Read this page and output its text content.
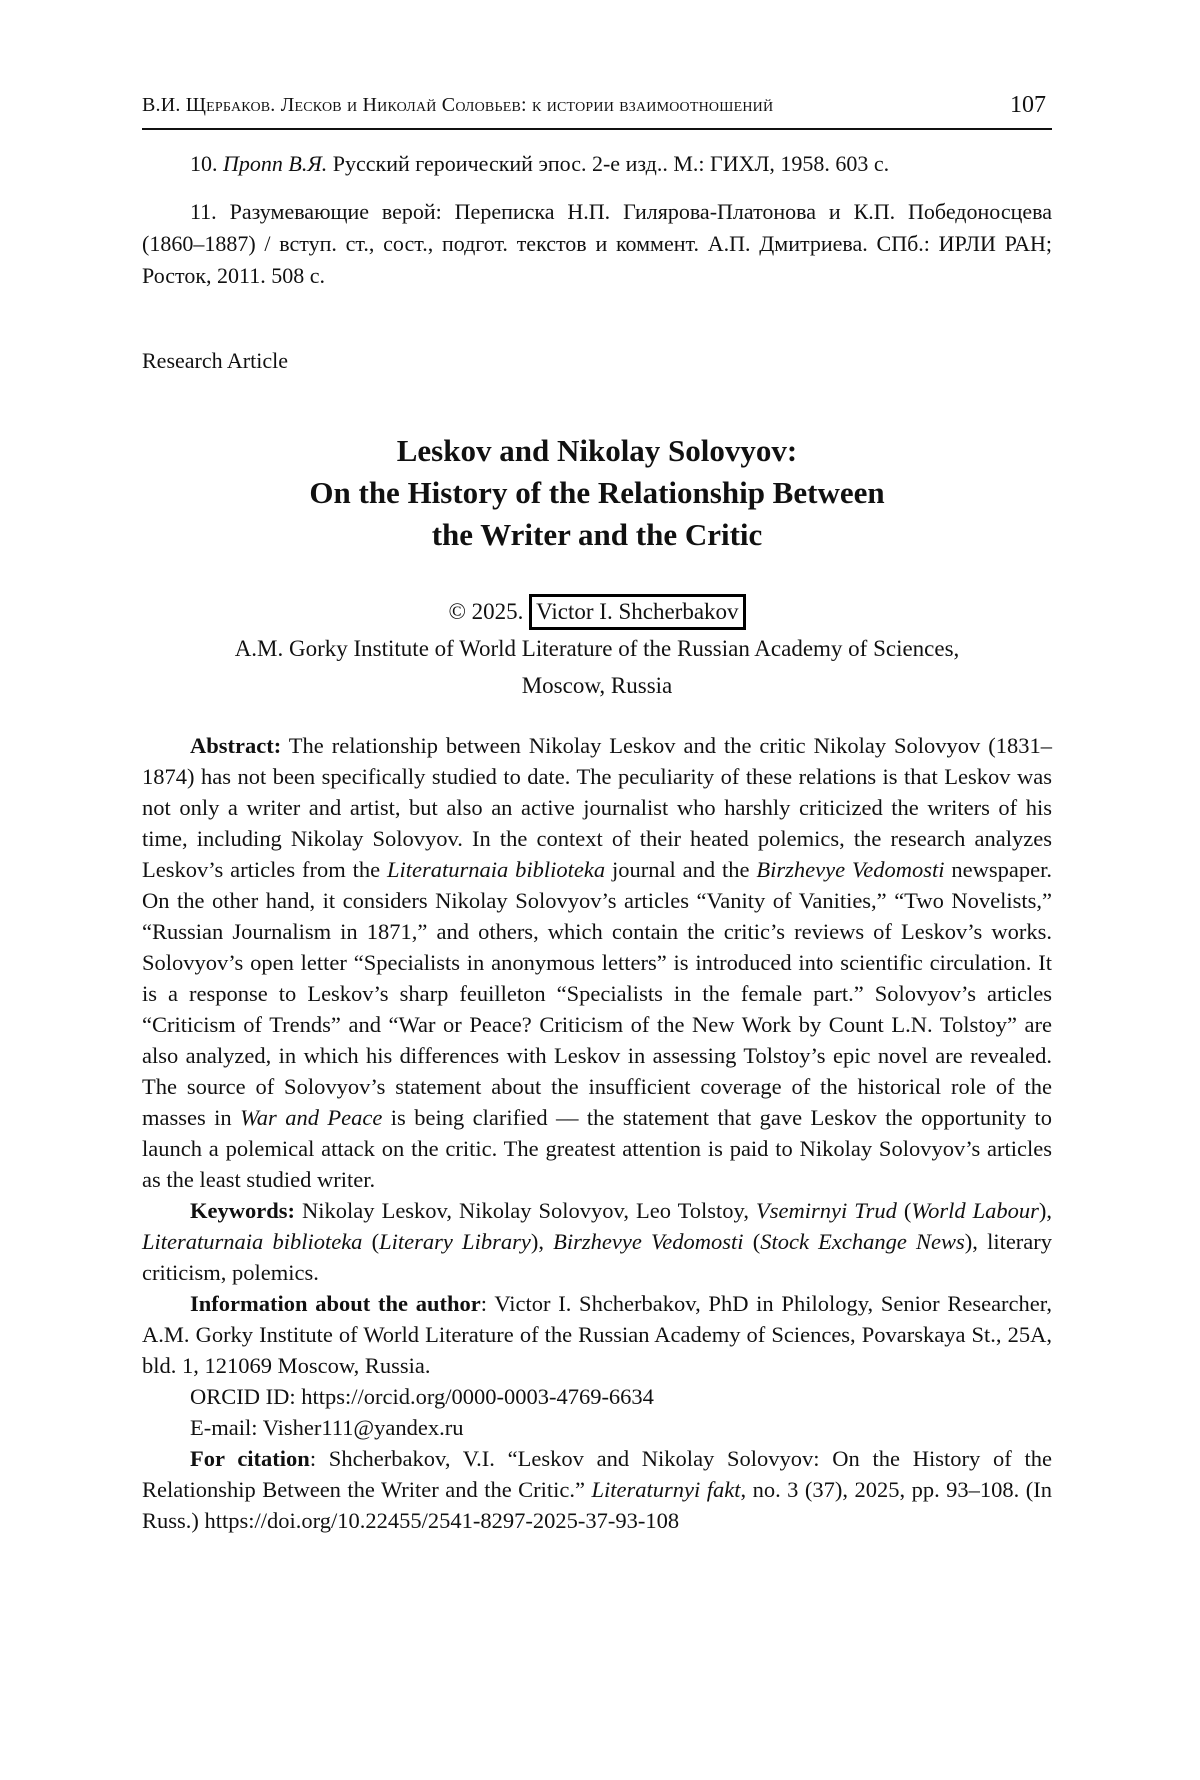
В.И. Щербаков. Лесков и Николай Соловьев: к истории взаимоотношений	107

10. Пропп В.Я. Русский героический эпос. 2-е изд.. М.: ГИХЛ, 1958. 603 с.

11. Разумевающие верой: Переписка Н.П. Гилярова-Платонова и К.П. Победоносцева (1860–1887) / вступ. ст., сост., подгот. текстов и коммент. А.П. Дмитриева. СПб.: ИРЛИ РАН; Росток, 2011. 508 с.

Research Article
Leskov and Nikolay Solovyov:
On the History of the Relationship Between
the Writer and the Critic
© 2025. Victor I. Shcherbakov
A.M. Gorky Institute of World Literature of the Russian Academy of Sciences,
Moscow, Russia

Abstract: The relationship between Nikolay Leskov and the critic Nikolay Solovyov (1831–1874) has not been specifically studied to date. The peculiarity of these relations is that Leskov was not only a writer and artist, but also an active journalist who harshly criticized the writers of his time, including Nikolay Solovyov. In the context of their heated polemics, the research analyzes Leskov’s articles from the Literaturnaia biblioteka journal and the Birzhevye Vedomosti newspaper. On the other hand, it considers Nikolay Solovyov’s articles “Vanity of Vanities,” “Two Novelists,” “Russian Journalism in 1871,” and others, which contain the critic’s reviews of Leskov’s works. Solovyov’s open letter “Specialists in anonymous letters” is introduced into scientific circulation. It is a response to Leskov’s sharp feuilleton “Specialists in the female part.” Solovyov’s articles “Criticism of Trends” and “War or Peace? Criticism of the New Work by Count L.N. Tolstoy” are also analyzed, in which his differences with Leskov in assessing Tolstoy’s epic novel are revealed. The source of Solovyov’s statement about the insufficient coverage of the historical role of the masses in War and Peace is being clarified –– the statement that gave Leskov the opportunity to launch a polemical attack on the critic. The greatest attention is paid to Nikolay Solovyov’s articles as the least studied writer.

Keywords: Nikolay Leskov, Nikolay Solovyov, Leo Tolstoy, Vsemirnyi Trud (World Labour), Literaturnaia biblioteka (Literary Library), Birzhevye Vedomosti (Stock Exchange News), literary criticism, polemics.

Information about the author: Victor I. Shcherbakov, PhD in Philology, Senior Researcher, A.M. Gorky Institute of World Literature of the Russian Academy of Sciences, Povarskaya St., 25A, bld. 1, 121069 Moscow, Russia.

ORCID ID: https://orcid.org/0000-0003-4769-6634

E-mail: Visher111@yandex.ru

For citation: Shcherbakov, V.I. “Leskov and Nikolay Solovyov: On the History of the Relationship Between the Writer and the Critic.” Literaturnyi fakt, no. 3 (37), 2025, pp. 93–108. (In Russ.) https://doi.org/10.22455/2541-8297-2025-37-93-108
